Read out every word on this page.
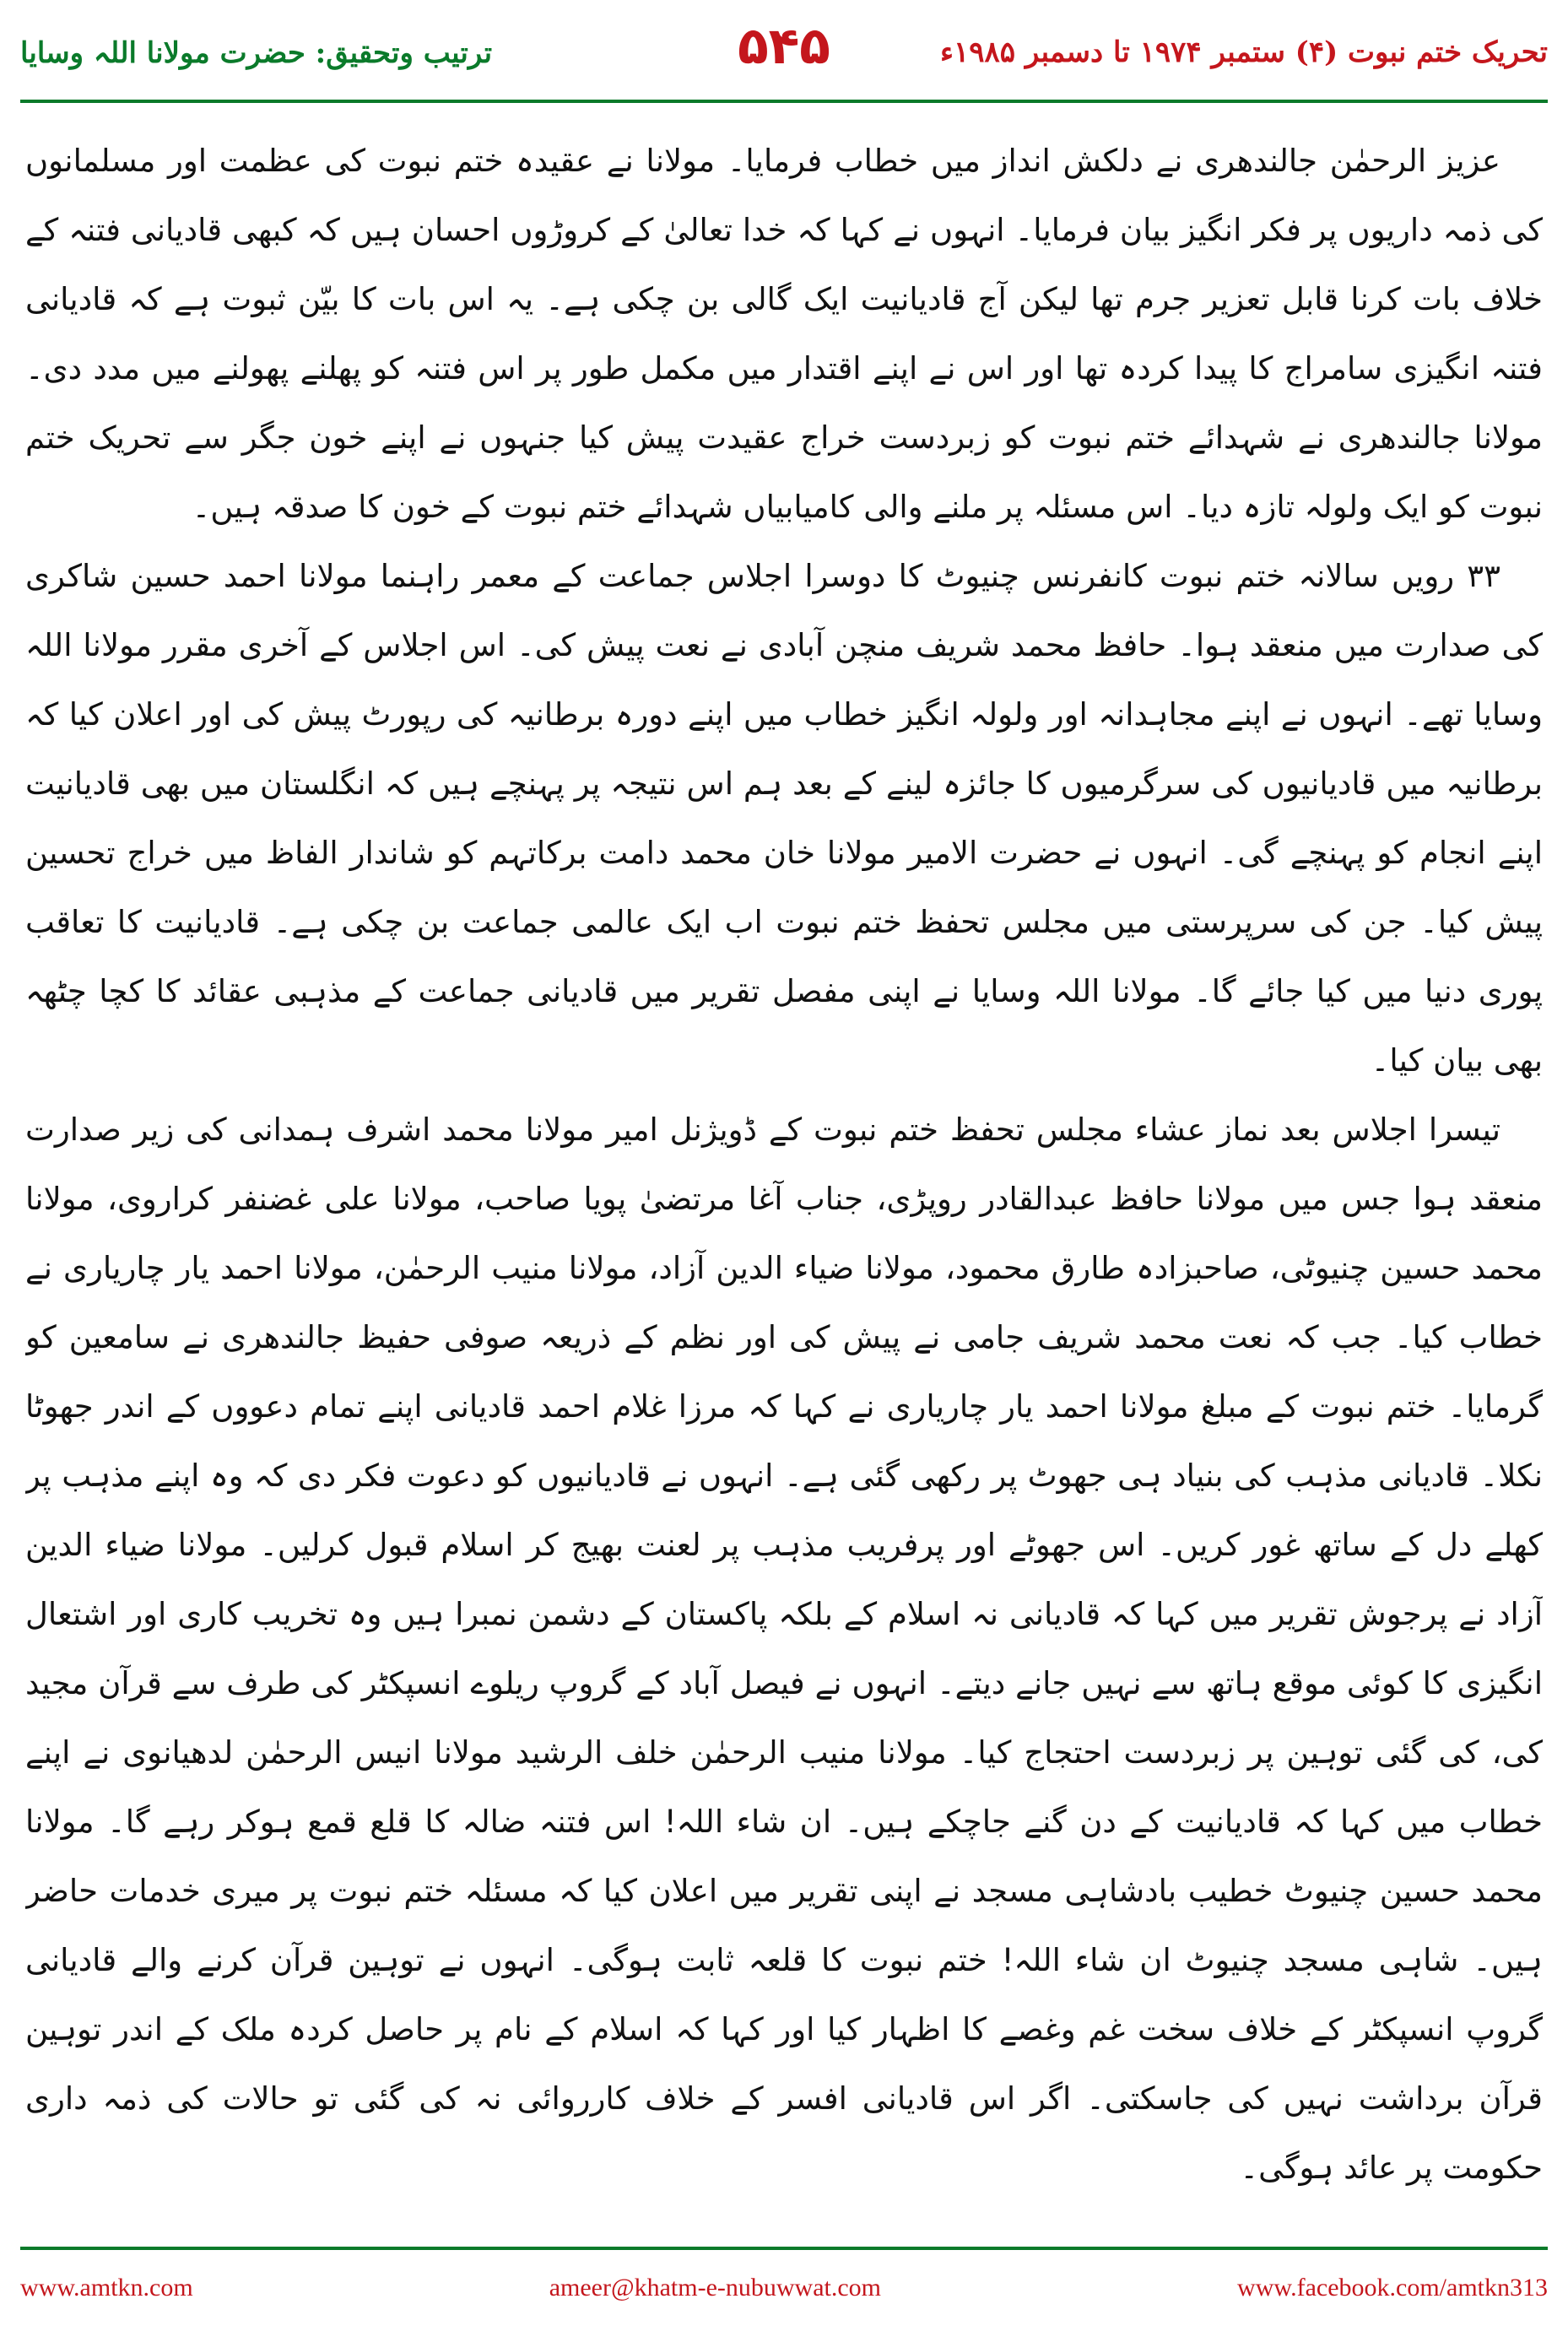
ترتیب وتحقیق: حضرت مولانا اللہ وسایا	۵۴۵	تحریک ختم نبوت (۴) ستمبر ۱۹۷۴ تا دسمبر ۱۹۸۵ء

عزیز الرحمٰن جالندھری نے دلکش انداز میں خطاب فرمایا۔ مولانا نے عقیدہ ختم نبوت کی عظمت اور مسلمانوں کی ذمہ داریوں پر فکر انگیز بیان فرمایا۔ انہوں نے کہا کہ خدا تعالیٰ کے کروڑوں احسان ہیں کہ کبھی قادیانی فتنہ کے خلاف بات کرنا قابل تعزیر جرم تھا لیکن آج قادیانیت ایک گالی بن چکی ہے۔ یہ اس بات کا بیّن ثبوت ہے کہ قادیانی فتنہ انگیزی سامراج کا پیدا کردہ تھا اور اس نے اپنے اقتدار میں مکمل طور پر اس فتنہ کو پھلنے پھولنے میں مدد دی۔ مولانا جالندھری نے شہدائے ختم نبوت کو زبردست خراج عقیدت پیش کیا جنہوں نے اپنے خون جگر سے تحریک ختم نبوت کو ایک ولولہ تازہ دیا۔ اس مسئلہ پر ملنے والی کامیابیاں شہدائے ختم نبوت کے خون کا صدقہ ہیں۔

۳۳ رویں سالانہ ختم نبوت کانفرنس چنیوٹ کا دوسرا اجلاس جماعت کے معمر راہنما مولانا احمد حسین شاکری کی صدارت میں منعقد ہوا۔ حافظ محمد شریف منچن آبادی نے نعت پیش کی۔ اس اجلاس کے آخری مقرر مولانا اللہ وسایا تھے۔ انہوں نے اپنے مجاہدانہ اور ولولہ انگیز خطاب میں اپنے دورہ برطانیہ کی رپورٹ پیش کی اور اعلان کیا کہ برطانیہ میں قادیانیوں کی سرگرمیوں کا جائزہ لینے کے بعد ہم اس نتیجہ پر پہنچے ہیں کہ انگلستان میں بھی قادیانیت اپنے انجام کو پہنچے گی۔ انہوں نے حضرت الامیر مولانا خان محمد دامت برکاتہم کو شاندار الفاظ میں خراج تحسین پیش کیا۔ جن کی سرپرستی میں مجلس تحفظ ختم نبوت اب ایک عالمی جماعت بن چکی ہے۔ قادیانیت کا تعاقب پوری دنیا میں کیا جائے گا۔ مولانا اللہ وسایا نے اپنی مفصل تقریر میں قادیانی جماعت کے مذہبی عقائد کا کچا چٹھہ بھی بیان کیا۔

تیسرا اجلاس بعد نماز عشاء مجلس تحفظ ختم نبوت کے ڈویژنل امیر مولانا محمد اشرف ہمدانی کی زیر صدارت منعقد ہوا جس میں مولانا حافظ عبدالقادر روپڑی، جناب آغا مرتضیٰ پویا صاحب، مولانا علی غضنفر کراروی، مولانا محمد حسین چنیوٹی، صاحبزادہ طارق محمود، مولانا ضیاء الدین آزاد، مولانا منیب الرحمٰن، مولانا احمد یار چاریاری نے خطاب کیا۔ جب کہ نعت محمد شریف جامی نے پیش کی اور نظم کے ذریعہ صوفی حفیظ جالندھری نے سامعین کو گرمایا۔ ختم نبوت کے مبلغ مولانا احمد یار چاریاری نے کہا کہ مرزا غلام احمد قادیانی اپنے تمام دعووں کے اندر جھوٹا نکلا۔ قادیانی مذہب کی بنیاد ہی جھوٹ پر رکھی گئی ہے۔ انہوں نے قادیانیوں کو دعوت فکر دی کہ وہ اپنے مذہب پر کھلے دل کے ساتھ غور کریں۔ اس جھوٹے اور پرفریب مذہب پر لعنت بھیج کر اسلام قبول کرلیں۔ مولانا ضیاء الدین آزاد نے پرجوش تقریر میں کہا کہ قادیانی نہ اسلام کے بلکہ پاکستان کے دشمن نمبرا ہیں وہ تخریب کاری اور اشتعال انگیزی کا کوئی موقع ہاتھ سے نہیں جانے دیتے۔ انہوں نے فیصل آباد کے گروپ ریلوے انسپکٹر کی طرف سے قرآن مجید کی، کی گئی توہین پر زبردست احتجاج کیا۔ مولانا منیب الرحمٰن خلف الرشید مولانا انیس الرحمٰن لدھیانوی نے اپنے خطاب میں کہا کہ قادیانیت کے دن گنے جاچکے ہیں۔ ان شاء اللہ! اس فتنہ ضالہ کا قلع قمع ہوکر رہے گا۔ مولانا محمد حسین چنیوٹ خطیب بادشاہی مسجد نے اپنی تقریر میں اعلان کیا کہ مسئلہ ختم نبوت پر میری خدمات حاضر ہیں۔ شاہی مسجد چنیوٹ ان شاء اللہ! ختم نبوت کا قلعہ ثابت ہوگی۔ انہوں نے توہین قرآن کرنے والے قادیانی گروپ انسپکٹر کے خلاف سخت غم وغصے کا اظہار کیا اور کہا کہ اسلام کے نام پر حاصل کردہ ملک کے اندر توہین قرآن برداشت نہیں کی جاسکتی۔ اگر اس قادیانی افسر کے خلاف کارروائی نہ کی گئی تو حالات کی ذمہ داری حکومت پر عائد ہوگی۔

www.amtkn.com	ameer@khatm-e-nubuwwat.com	www.facebook.com/amtkn313
